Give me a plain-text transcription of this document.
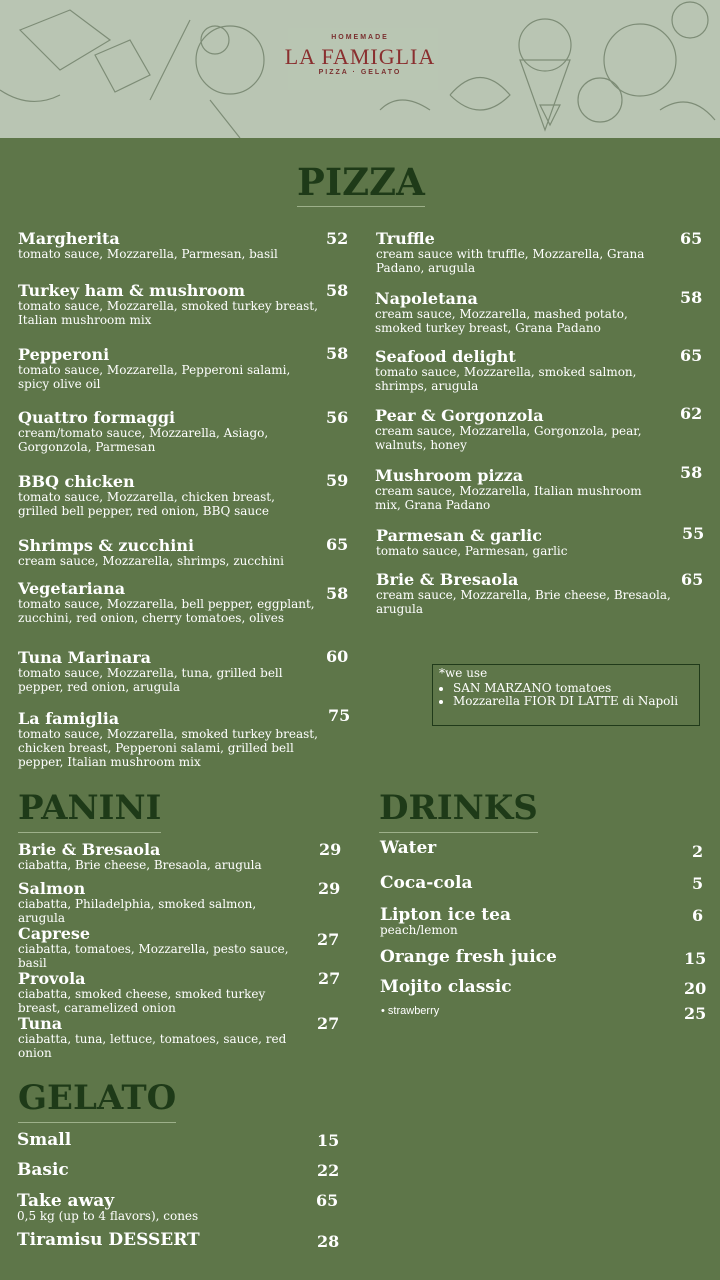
HOMEMADE
LA FAMIGLIA
PIZZA · GELATO
PIZZA
Margherita
tomato sauce, Mozzarella, Parmesan, basil
52
Turkey ham & mushroom
tomato sauce, Mozzarella, smoked turkey breast, Italian mushroom mix
58
Pepperoni
tomato sauce, Mozzarella, Pepperoni salami, spicy olive oil
58
Quattro formaggi
cream/tomato sauce, Mozzarella, Asiago, Gorgonzola, Parmesan
56
BBQ chicken
tomato sauce, Mozzarella, chicken breast, grilled bell pepper, red onion, BBQ sauce
59
Shrimps & zucchini
cream sauce, Mozzarella, shrimps, zucchini
65
Vegetariana
tomato sauce, Mozzarella, bell pepper, eggplant, zucchini, red onion, cherry tomatoes, olives
58
Tuna Marinara
tomato sauce, Mozzarella, tuna, grilled bell pepper, red onion, arugula
60
La famiglia
tomato sauce, Mozzarella, smoked turkey breast, chicken breast, Pepperoni salami, grilled bell pepper, Italian mushroom mix
75
Truffle
cream sauce with truffle, Mozzarella, Grana Padano, arugula
65
Napoletana
cream sauce, Mozzarella, mashed potato, smoked turkey breast, Grana Padano
58
Seafood delight
tomato sauce, Mozzarella, smoked salmon, shrimps, arugula
65
Pear & Gorgonzola
cream sauce, Mozzarella, Gorgonzola, pear, walnuts, honey
62
Mushroom pizza
cream sauce, Mozzarella, Italian mushroom mix, Grana Padano
58
Parmesan & garlic
tomato sauce, Parmesan, garlic
55
Brie & Bresaola
cream sauce, Mozzarella, Brie cheese, Bresaola, arugula
65
*we use
• SAN MARZANO tomatoes
• Mozzarella FIOR DI LATTE di Napoli
PANINI
Brie & Bresaola
ciabatta, Brie cheese, Bresaola, arugula
29
Salmon
ciabatta, Philadelphia, smoked salmon, arugula
29
Caprese
ciabatta, tomatoes, Mozzarella, pesto sauce, basil
27
Provola
ciabatta, smoked cheese, smoked turkey breast, caramelized onion
27
Tuna
ciabatta, tuna, lettuce, tomatoes, sauce, red onion
27
DRINKS
Water	2
Coca-cola	5
Lipton ice tea
peach/lemon
6
Orange fresh juice	15
Mojito classic	20
• strawberry	25
GELATO
Small	15
Basic	22
Take away
0,5 kg (up to 4 flavors), cones
65
Tiramisu DESSERT	28
